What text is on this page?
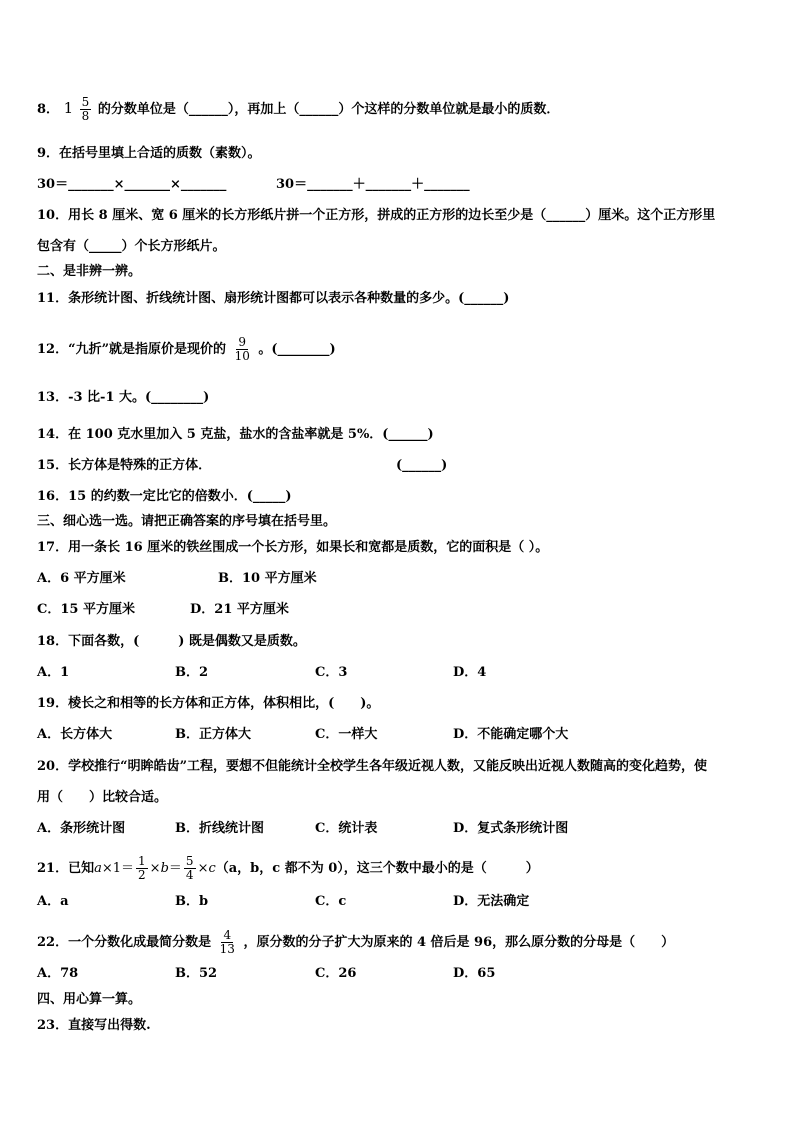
8． $1 \frac{5}{8}$ 的分数单位是（______），再加上（______）个这样的分数单位就是最小的质数．
9．在括号里填上合适的质数（素数）。
30＝_______×_______×_______	30＝_______＋_______＋_______
10．用长 8 厘米、宽 6 厘米的长方形纸片拼一个正方形，拼成的正方形的边长至少是（______）厘米。这个正方形里
包含有（_____）个长方形纸片。
二、是非辨一辨。
11．条形统计图、折线统计图、扇形统计图都可以表示各种数量的多少。(______)
12．“九折”就是指原价是现价的 $\frac{9}{10}$ 。(________)
13．-3 比-1 大。(________)
14．在 100 克水里加入 5 克盐，盐水的含盐率就是 5%．(______)
15．长方体是特殊的正方体．	(______)
16．15 的约数一定比它的倍数小．(_____)
三、细心选一选。请把正确答案的序号填在括号里。
17．用一条长 16 厘米的铁丝围成一个长方形，如果长和宽都是质数，它的面积是（ ）。
A．6 平方厘米	B．10 平方厘米
C．15 平方厘米	D．21 平方厘米
18．下面各数，(　　　) 既是偶数又是质数。
A．1	B．2	C．3	D．4
19．棱长之和相等的长方体和正方体，体积相比，(　　)。
A．长方体大	B．正方体大	C．一样大	D．不能确定哪个大
20．学校推行“明眸皓齿”工程，要想不但能统计全校学生各年级近视人数，又能反映出近视人数随高的变化趋势，使
用（　　）比较合适。
A．条形统计图	B．折线统计图	C．统计表	D．复式条形统计图
21．已知$a\times 1= \frac{1}{2} \times b= \frac{5}{4} \times c(a$，b，c 都不为 0），这三个数中最小的是（　　　）
A．a	B．b	C．c	D．无法确定
22．一个分数化成最简分数是 $\frac{4}{13}$ ，原分数的分子扩大为原来的 4 倍后是 96，那么原分数的分母是（　　）
A．78	B．52	C．26	D．65
四、用心算一算。
23．直接写出得数.
